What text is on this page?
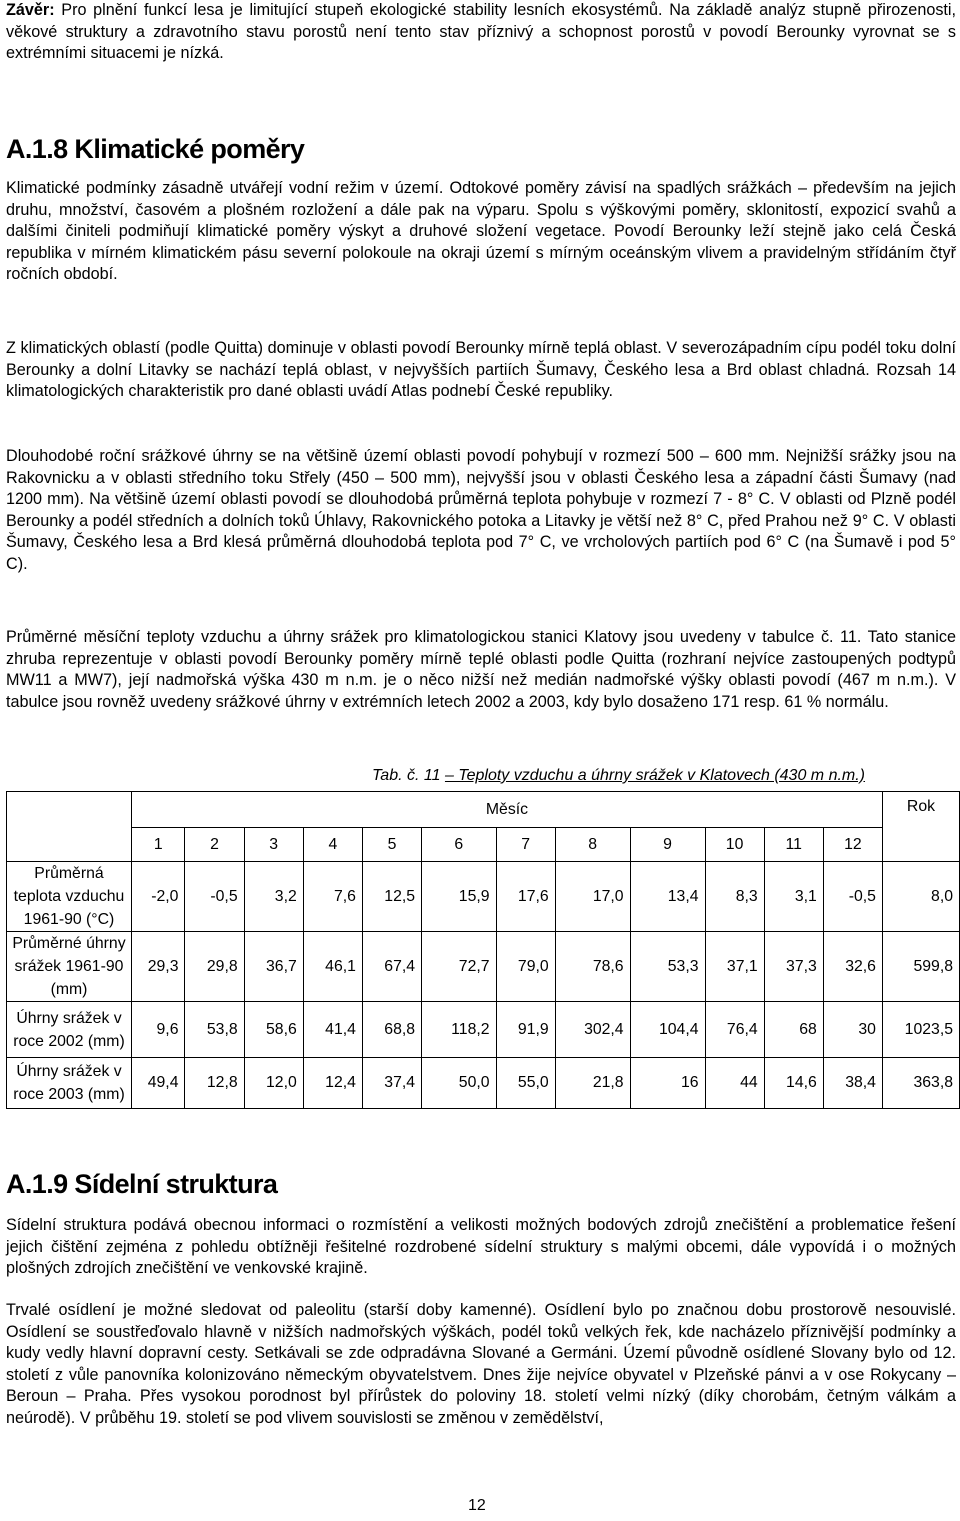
Závěr: Pro plnění funkcí lesa je limitující stupeň ekologické stability lesních ekosystémů. Na základě analýz stupně přirozenosti, věkové struktury a zdravotního stavu porostů není tento stav příznivý a schopnost porostů v povodí Berounky vyrovnat se s extrémními situacemi je nízká.

A.1.8 Klimatické poměry

Klimatické podmínky zásadně utvářejí vodní režim v území. Odtokové poměry závisí na spadlých srážkách – především na jejich druhu, množství, časovém a plošném rozložení a dále pak na výparu. Spolu s výškovými poměry, sklonitostí, expozicí svahů a dalšími činiteli podmiňují klimatické poměry výskyt a druhové složení vegetace. Povodí Berounky leží stejně jako celá Česká republika v mírném klimatickém pásu severní polokoule na okraji území s mírným oceánským vlivem a pravidelným střídáním čtyř ročních období.

Z klimatických oblastí (podle Quitta) dominuje v oblasti povodí Berounky mírně teplá oblast. V severozápadním cípu podél toku dolní Berounky a dolní Litavky se nachází teplá oblast, v nejvyšších partiích Šumavy, Českého lesa a Brd oblast chladná. Rozsah 14 klimatologických charakteristik pro dané oblasti uvádí Atlas podnebí České republiky.

Dlouhodobé roční srážkové úhrny se na většině území oblasti povodí pohybují v rozmezí 500 – 600 mm. Nejnižší srážky jsou na Rakovnicku a v oblasti středního toku Střely (450 – 500 mm), nejvyšší jsou v oblasti Českého lesa a západní části Šumavy (nad 1200 mm). Na většině území oblasti povodí se dlouhodobá průměrná teplota pohybuje v rozmezí 7 - 8° C. V oblasti od Plzně podél Berounky a podél středních a dolních toků Úhlavy, Rakovnického potoka a Litavky je větší než 8° C, před Prahou než 9° C. V oblasti Šumavy, Českého lesa a Brd klesá průměrná dlouhodobá teplota pod 7° C, ve vrcholových partiích pod 6° C (na Šumavě i pod 5° C).

Průměrné měsíční teploty vzduchu a úhrny srážek pro klimatologickou stanici Klatovy jsou uvedeny v tabulce č. 11. Tato stanice zhruba reprezentuje v oblasti povodí Berounky poměry mírně teplé oblasti podle Quitta (rozhraní nejvíce zastoupených podtypů MW11 a MW7), její nadmořská výška 430 m n.m. je o něco nižší než medián nadmořské výšky oblasti povodí (467 m n.m.). V tabulce jsou rovněž uvedeny srážkové úhrny v extrémních letech 2002 a 2003, kdy bylo dosaženo 171 resp. 61 % normálu.

Tab. č. 11 – Teploty vzduchu a úhrny srážek v Klatovech (430 m n.m.)
	Měsíc												Rok
	1	2	3	4	5	6	7	8	9	10	11	12	
Průměrná teplota vzduchu 1961-90 (°C)	-2,0	-0,5	3,2	7,6	12,5	15,9	17,6	17,0	13,4	8,3	3,1	-0,5	8,0
Průměrné úhrny srážek 1961-90 (mm)	29,3	29,8	36,7	46,1	67,4	72,7	79,0	78,6	53,3	37,1	37,3	32,6	599,8
Úhrny srážek v roce 2002 (mm)	9,6	53,8	58,6	41,4	68,8	118,2	91,9	302,4	104,4	76,4	68	30	1023,5
Úhrny srážek v roce 2003 (mm)	49,4	12,8	12,0	12,4	37,4	50,0	55,0	21,8	16	44	14,6	38,4	363,8
A.1.9 Sídelní struktura

Sídelní struktura podává obecnou informaci o rozmístění a velikosti možných bodových zdrojů znečištění a problematice řešení jejich čištění zejména z pohledu obtížněji řešitelné rozdrobené sídelní struktury s malými obcemi, dále vypovídá i o možných plošných zdrojích znečištění ve venkovské krajině.

Trvalé osídlení je možné sledovat od paleolitu (starší doby kamenné). Osídlení bylo po značnou dobu prostorově nesouvislé. Osídlení se soustřeďovalo hlavně v nižších nadmořských výškách, podél toků velkých řek, kde nacházelo příznivější podmínky a kudy vedly hlavní dopravní cesty. Setkávali se zde odpradávna Slované a Germáni. Území původně osídlené Slovany bylo od 12. století z vůle panovníka kolonizováno německým obyvatelstvem. Dnes žije nejvíce obyvatel v Plzeňské pánvi a v ose Rokycany – Beroun – Praha. Přes vysokou porodnost byl přírůstek do poloviny 18. století velmi nízký (díky chorobám, četným válkám a neúrodě). V průběhu 19. století se pod vlivem souvislosti se změnou v zemědělství,

12
